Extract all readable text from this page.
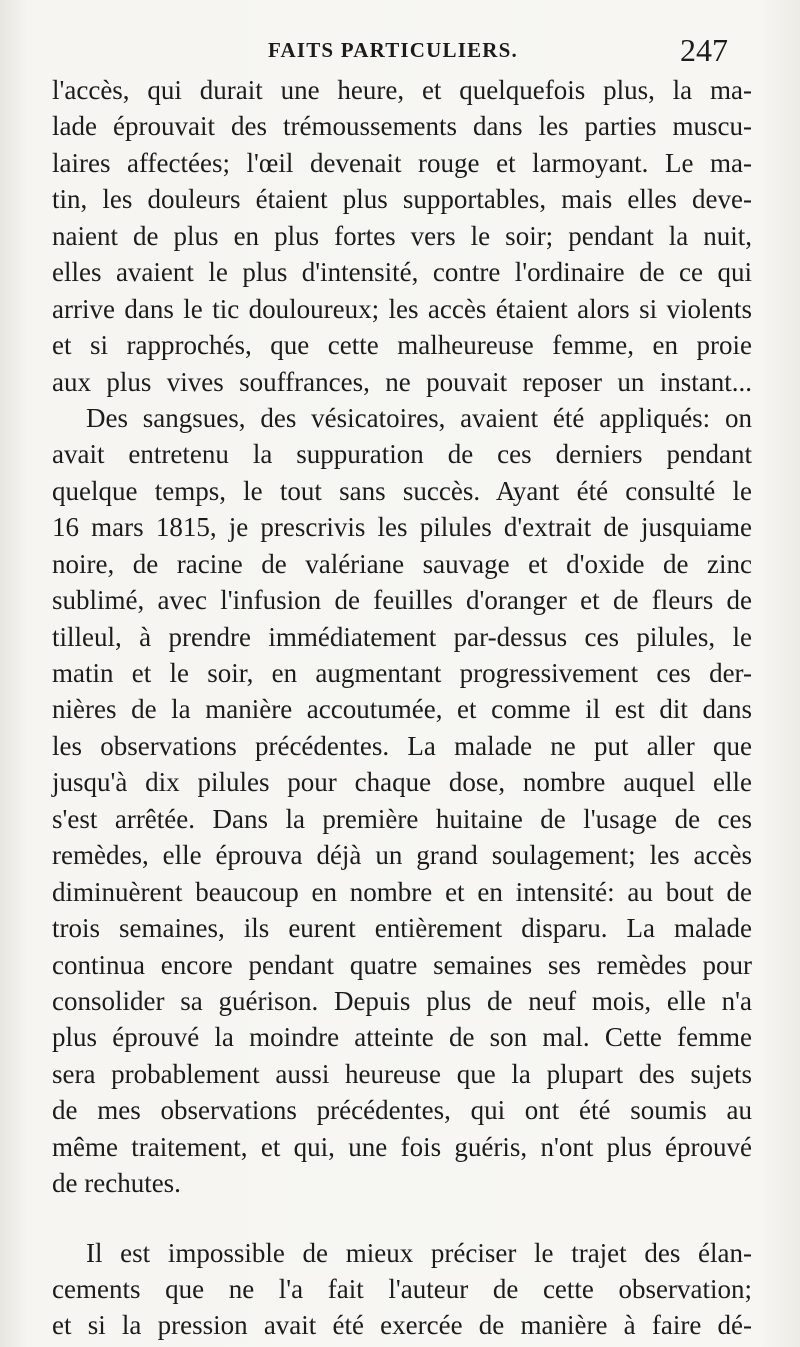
FAITS PARTICULIERS.	247
l'accès, qui durait une heure, et quelquefois plus, la ma-
lade éprouvait des trémoussements dans les parties muscu-
laires affectées; l'œil devenait rouge et larmoyant. Le ma-
tin, les douleurs étaient plus supportables, mais elles deve-
naient de plus en plus fortes vers le soir; pendant la nuit,
elles avaient le plus d'intensité, contre l'ordinaire de ce qui
arrive dans le tic douloureux; les accès étaient alors si violents
et si rapprochés, que cette malheureuse femme, en proie
aux plus vives souffrances, ne pouvait reposer un instant...
Des sangsues, des vésicatoires, avaient été appliqués: on
avait entretenu la suppuration de ces derniers pendant
quelque temps, le tout sans succès. Ayant été consulté le
16 mars 1815, je prescrivis les pilules d'extrait de jusquiame
noire, de racine de valériane sauvage et d'oxide de zinc
sublimé, avec l'infusion de feuilles d'oranger et de fleurs de
tilleul, à prendre immédiatement par-dessus ces pilules, le
matin et le soir, en augmentant progressivement ces der-
nières de la manière accoutumée, et comme il est dit dans
les observations précédentes. La malade ne put aller que
jusqu'à dix pilules pour chaque dose, nombre auquel elle
s'est arrêtée. Dans la première huitaine de l'usage de ces
remèdes, elle éprouva déjà un grand soulagement; les accès
diminuèrent beaucoup en nombre et en intensité: au bout de
trois semaines, ils eurent entièrement disparu. La malade
continua encore pendant quatre semaines ses remèdes pour
consolider sa guérison. Depuis plus de neuf mois, elle n'a
plus éprouvé la moindre atteinte de son mal. Cette femme
sera probablement aussi heureuse que la plupart des sujets
de mes observations précédentes, qui ont été soumis au
même traitement, et qui, une fois guéris, n'ont plus éprouvé
de rechutes.
Il est impossible de mieux préciser le trajet des élan-
cements que ne l'a fait l'auteur de cette observation;
et si la pression avait été exercée de manière à faire dé-
